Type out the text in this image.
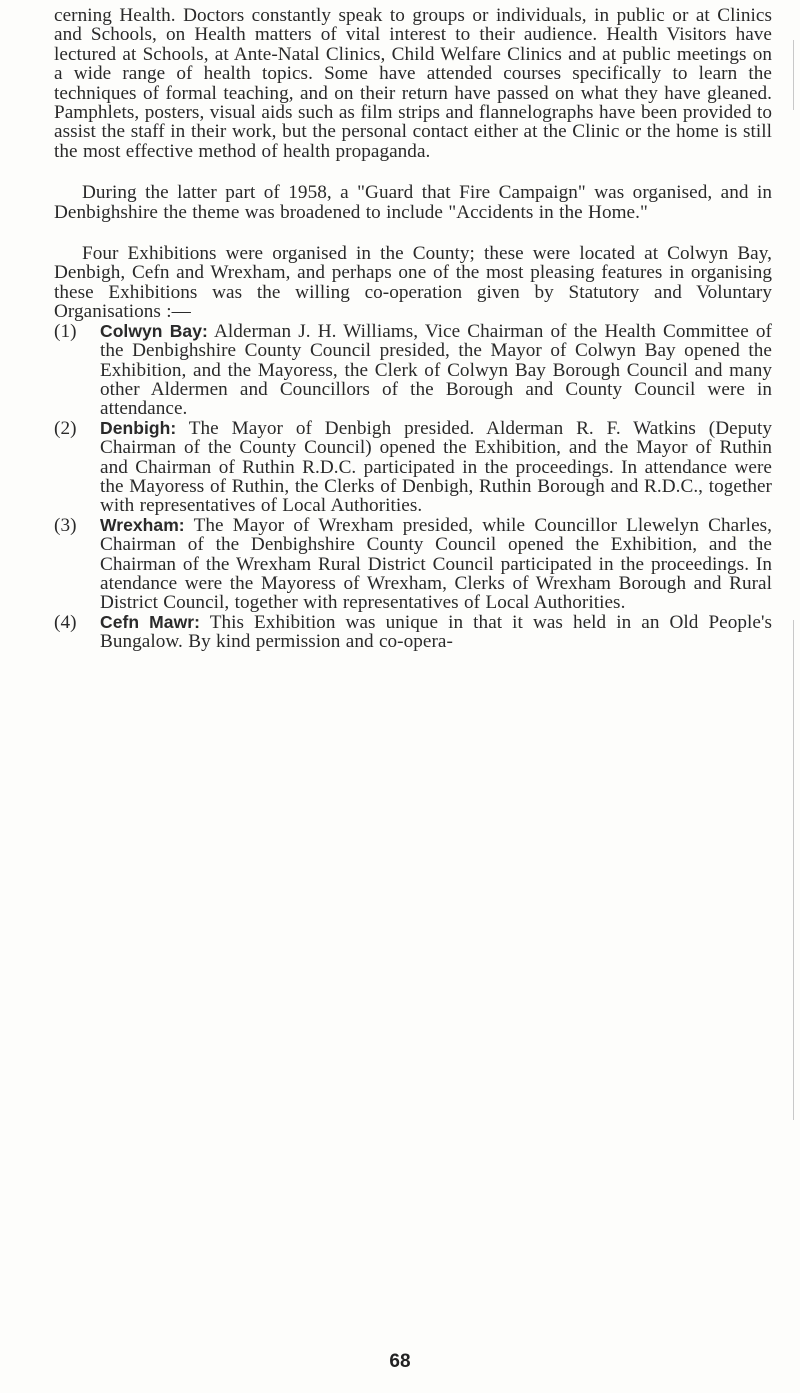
cerning Health. Doctors constantly speak to groups or individuals, in public or at Clinics and Schools, on Health matters of vital interest to their audience. Health Visitors have lectured at Schools, at Ante-Natal Clinics, Child Welfare Clinics and at public meetings on a wide range of health topics. Some have attended courses specifically to learn the techniques of formal teaching, and on their return have passed on what they have gleaned. Pamphlets, posters, visual aids such as film strips and flannelographs have been provided to assist the staff in their work, but the personal contact either at the Clinic or the home is still the most effective method of health propaganda.

During the latter part of 1958, a "Guard that Fire Campaign" was organised, and in Denbighshire the theme was broadened to include "Accidents in the Home."

Four Exhibitions were organised in the County; these were located at Colwyn Bay, Denbigh, Cefn and Wrexham, and perhaps one of the most pleasing features in organising these Exhibitions was the willing co-operation given by Statutory and Voluntary Organisations :—

(1) Colwyn Bay: Alderman J. H. Williams, Vice Chairman of the Health Committee of the Denbighshire County Council presided, the Mayor of Colwyn Bay opened the Exhibition, and the Mayoress, the Clerk of Colwyn Bay Borough Council and many other Aldermen and Councillors of the Borough and County Council were in attendance.
(2) Denbigh: The Mayor of Denbigh presided. Alderman R. F. Watkins (Deputy Chairman of the County Council) opened the Exhibition, and the Mayor of Ruthin and Chairman of Ruthin R.D.C. participated in the proceedings. In attendance were the Mayoress of Ruthin, the Clerks of Denbigh, Ruthin Borough and R.D.C., together with representatives of Local Authorities.
(3) Wrexham: The Mayor of Wrexham presided, while Councillor Llewelyn Charles, Chairman of the Denbighshire County Council opened the Exhibition, and the Chairman of the Wrexham Rural District Council participated in the proceedings. In atendance were the Mayoress of Wrexham, Clerks of Wrexham Borough and Rural District Council, together with representatives of Local Authorities.
(4) Cefn Mawr: This Exhibition was unique in that it was held in an Old People's Bungalow. By kind permission and co-opera-
68
